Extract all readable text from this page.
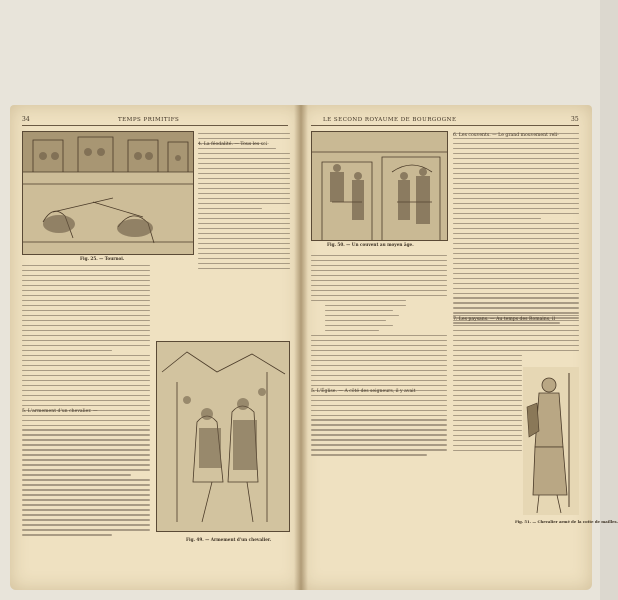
34	TEMPS PRIMITIFS
Fig. 25. — Tournoi.
4. La féodalité. — Tous les sei-
5. L'armement d'un chevalier. —
Fig. 49. — Armement d'un chevalier.
LE SECOND ROYAUME DE BOURGOGNE	35
Fig. 50. — Un couvent au moyen âge.
6. Les couvents. — Le grand mouvement reli-
5. L'Église. — A côté des seigneurs, il y avait
7. Les paysans. — Au temps des Romains, il
Fig. 51. — Chevalier armé de la cotte de mailles.
